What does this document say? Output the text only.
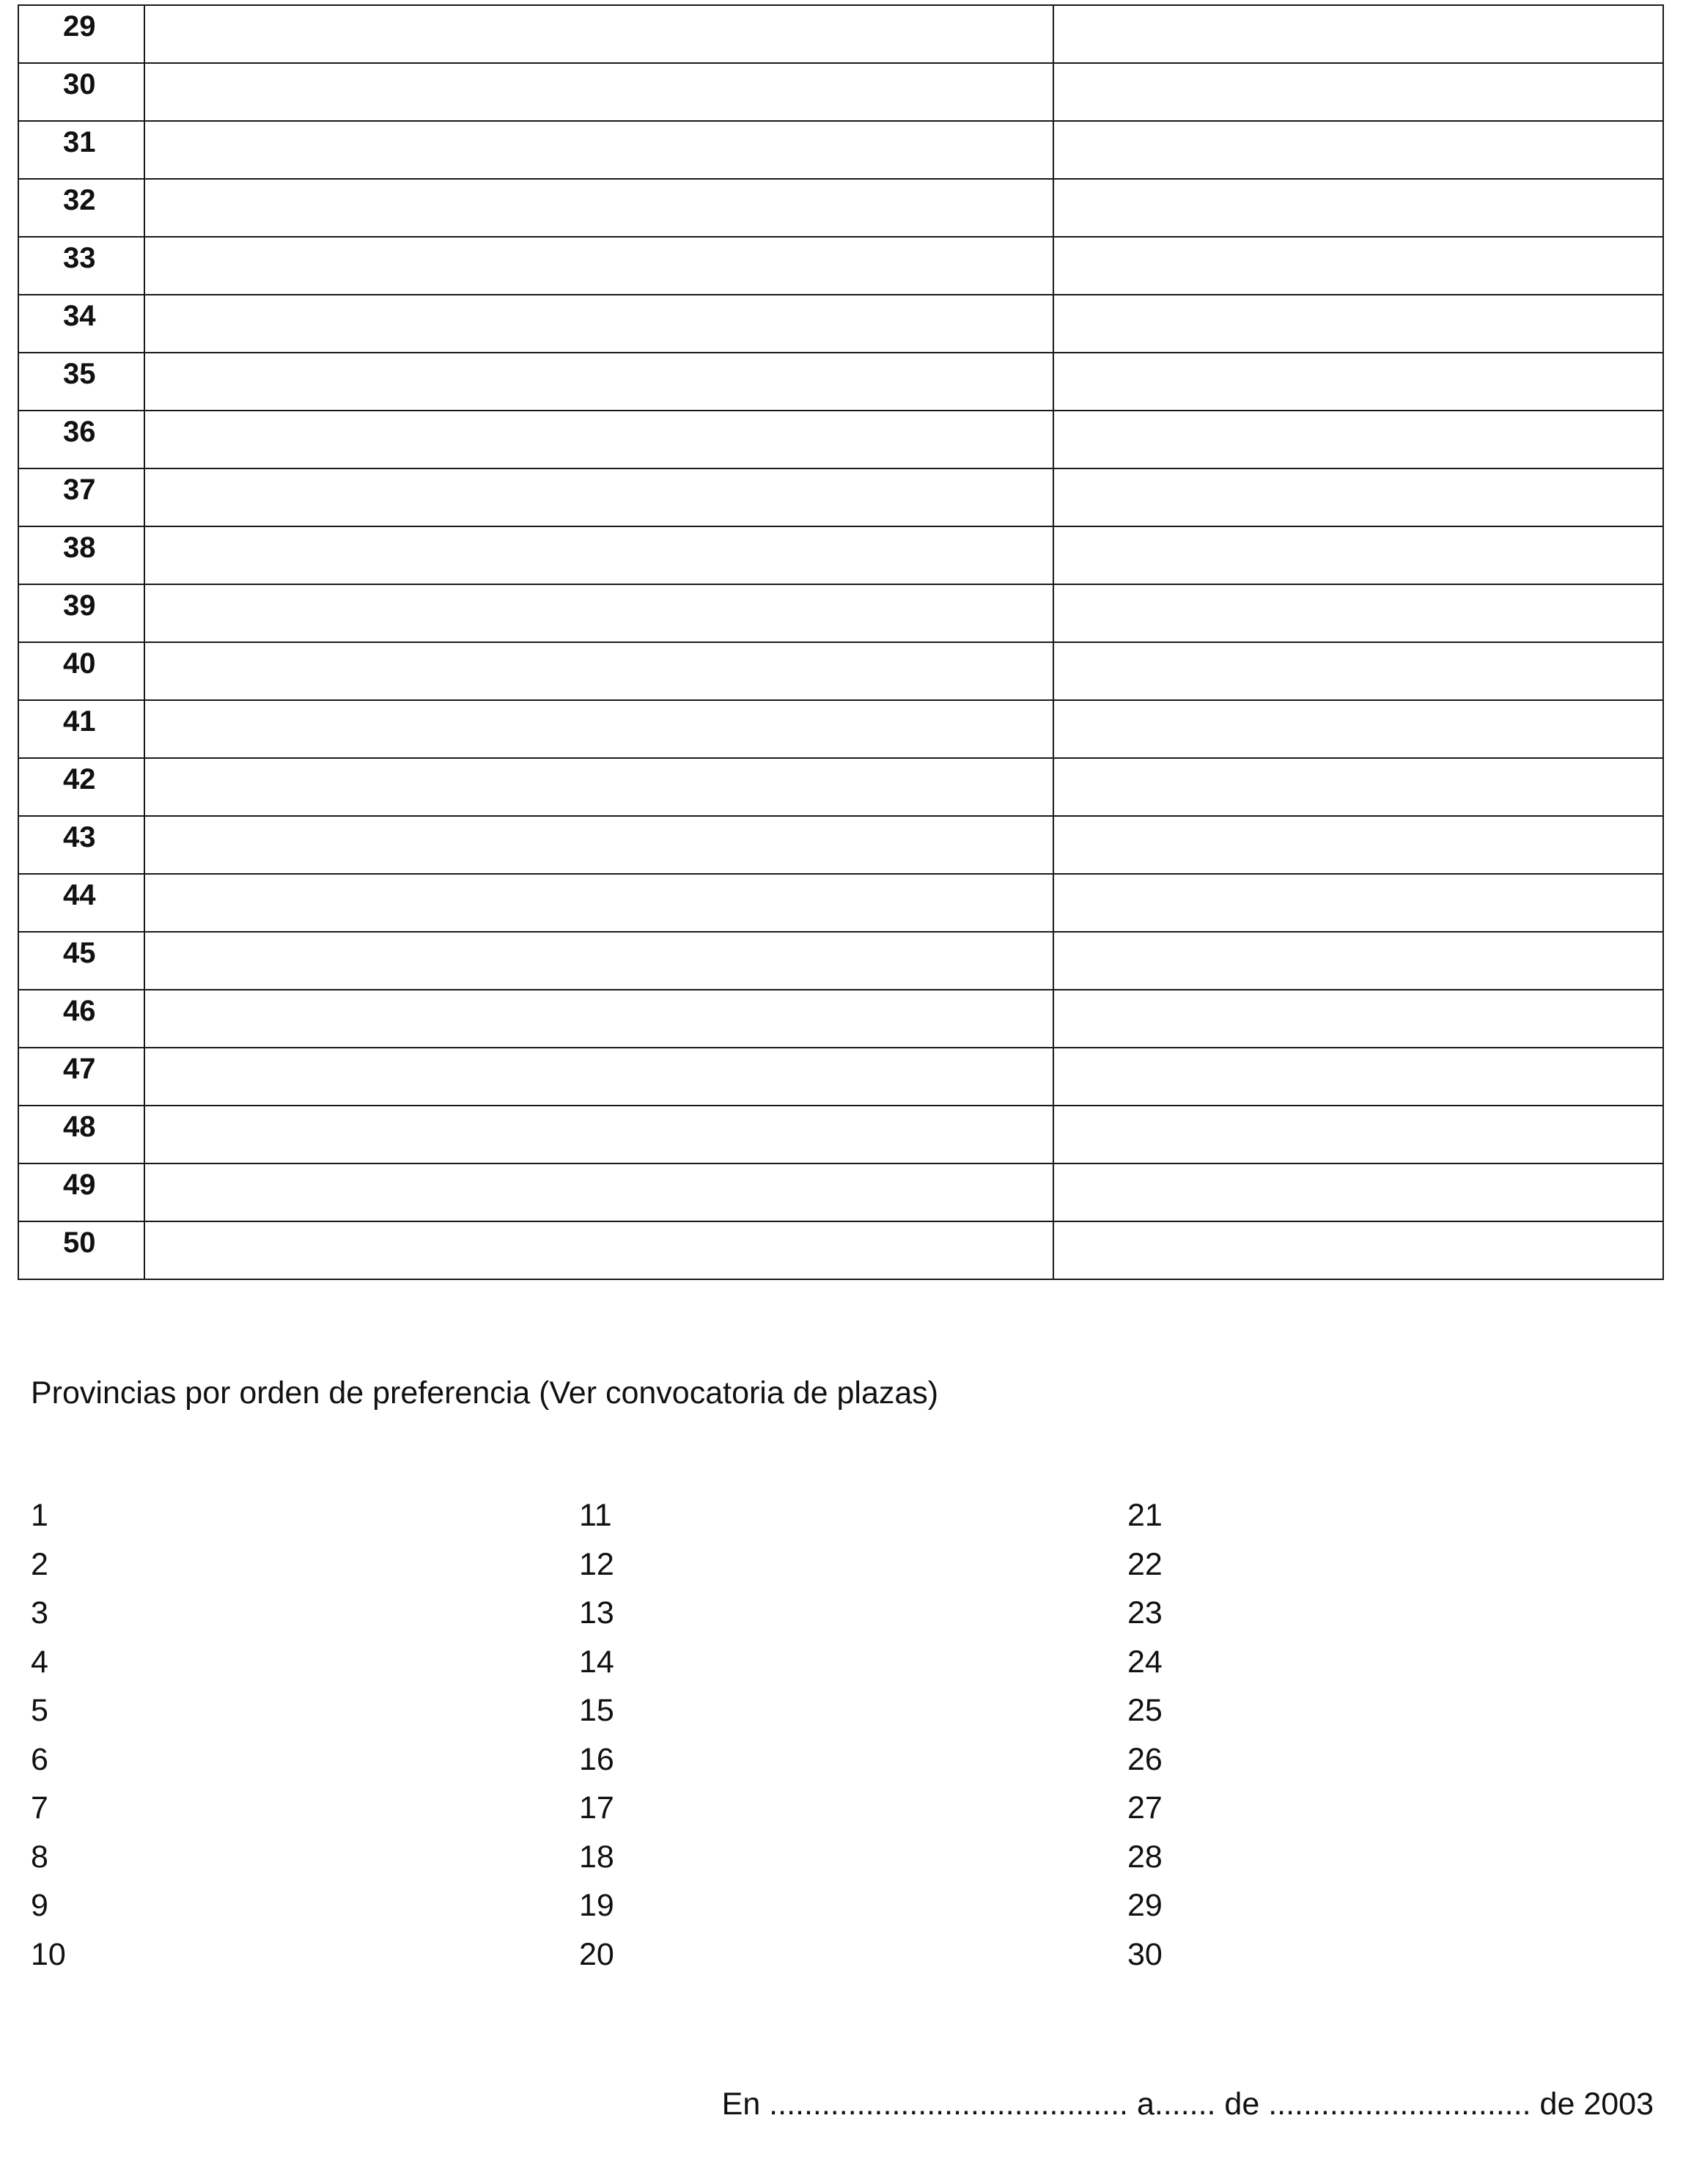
29		
30		
31		
32		
33		
34		
35		
36		
37		
38		
39		
40		
41		
42		
43		
44		
45		
46		
47		
48		
49		
50		

Provincias por orden de preferencia (Ver convocatoria de plazas)

1
2
3
4
5
6
7
8
9
10
11
12
13
14
15
16
17
18
19
20
21
22
23
24
25
26
27
28
29
30

En ......................................... a....... de .............................. de 2003
